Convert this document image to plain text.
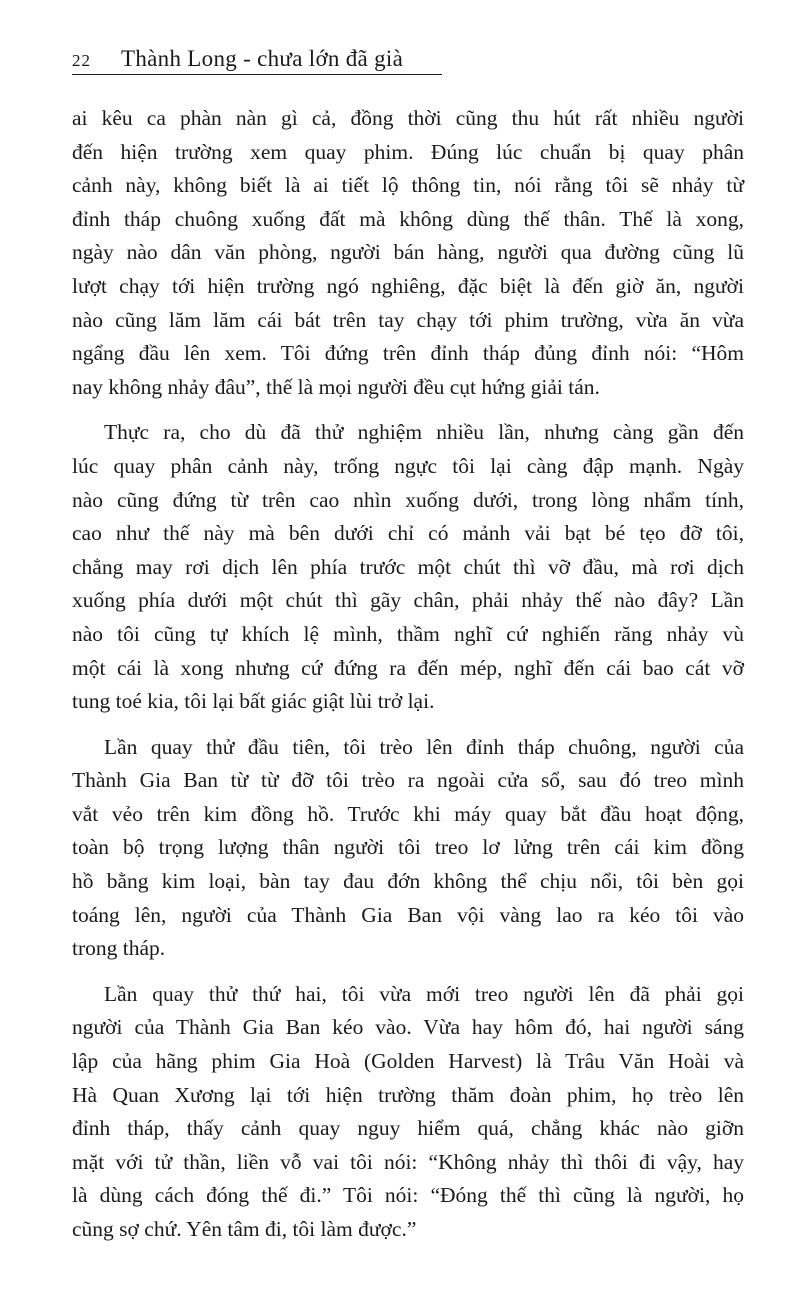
22 Thành Long - chưa lớn đã già
ai kêu ca phàn nàn gì cả, đồng thời cũng thu hút rất nhiều người
đến hiện trường xem quay phim. Đúng lúc chuẩn bị quay phân
cảnh này, không biết là ai tiết lộ thông tin, nói rằng tôi sẽ nhảy từ
đỉnh tháp chuông xuống đất mà không dùng thế thân. Thế là xong,
ngày nào dân văn phòng, người bán hàng, người qua đường cũng lũ
lượt chạy tới hiện trường ngó nghiêng, đặc biệt là đến giờ ăn, người
nào cũng lăm lăm cái bát trên tay chạy tới phim trường, vừa ăn vừa
ngẩng đầu lên xem. Tôi đứng trên đỉnh tháp đủng đỉnh nói: “Hôm
nay không nhảy đâu”, thế là mọi người đều cụt hứng giải tán.
Thực ra, cho dù đã thử nghiệm nhiều lần, nhưng càng gần đến
lúc quay phân cảnh này, trống ngực tôi lại càng đập mạnh. Ngày
nào cũng đứng từ trên cao nhìn xuống dưới, trong lòng nhẩm tính,
cao như thế này mà bên dưới chỉ có mảnh vải bạt bé tẹo đỡ tôi,
chẳng may rơi dịch lên phía trước một chút thì vỡ đầu, mà rơi dịch
xuống phía dưới một chút thì gãy chân, phải nhảy thế nào đây? Lần
nào tôi cũng tự khích lệ mình, thầm nghĩ cứ nghiến răng nhảy vù
một cái là xong nhưng cứ đứng ra đến mép, nghĩ đến cái bao cát vỡ
tung toé kia, tôi lại bất giác giật lùi trở lại.
Lần quay thử đầu tiên, tôi trèo lên đỉnh tháp chuông, người của
Thành Gia Ban từ từ đỡ tôi trèo ra ngoài cửa sổ, sau đó treo mình
vắt vẻo trên kim đồng hồ. Trước khi máy quay bắt đầu hoạt động,
toàn bộ trọng lượng thân người tôi treo lơ lửng trên cái kim đồng
hồ bằng kim loại, bàn tay đau đớn không thể chịu nổi, tôi bèn gọi
toáng lên, người của Thành Gia Ban vội vàng lao ra kéo tôi vào
trong tháp.
Lần quay thử thứ hai, tôi vừa mới treo người lên đã phải gọi
người của Thành Gia Ban kéo vào. Vừa hay hôm đó, hai người sáng
lập của hãng phim Gia Hoà (Golden Harvest) là Trâu Văn Hoài và
Hà Quan Xương lại tới hiện trường thăm đoàn phim, họ trèo lên
đỉnh tháp, thấy cảnh quay nguy hiểm quá, chẳng khác nào giỡn
mặt với tử thần, liền vỗ vai tôi nói: “Không nhảy thì thôi đi vậy, hay
là dùng cách đóng thế đi.” Tôi nói: “Đóng thế thì cũng là người, họ
cũng sợ chứ. Yên tâm đi, tôi làm được.”
